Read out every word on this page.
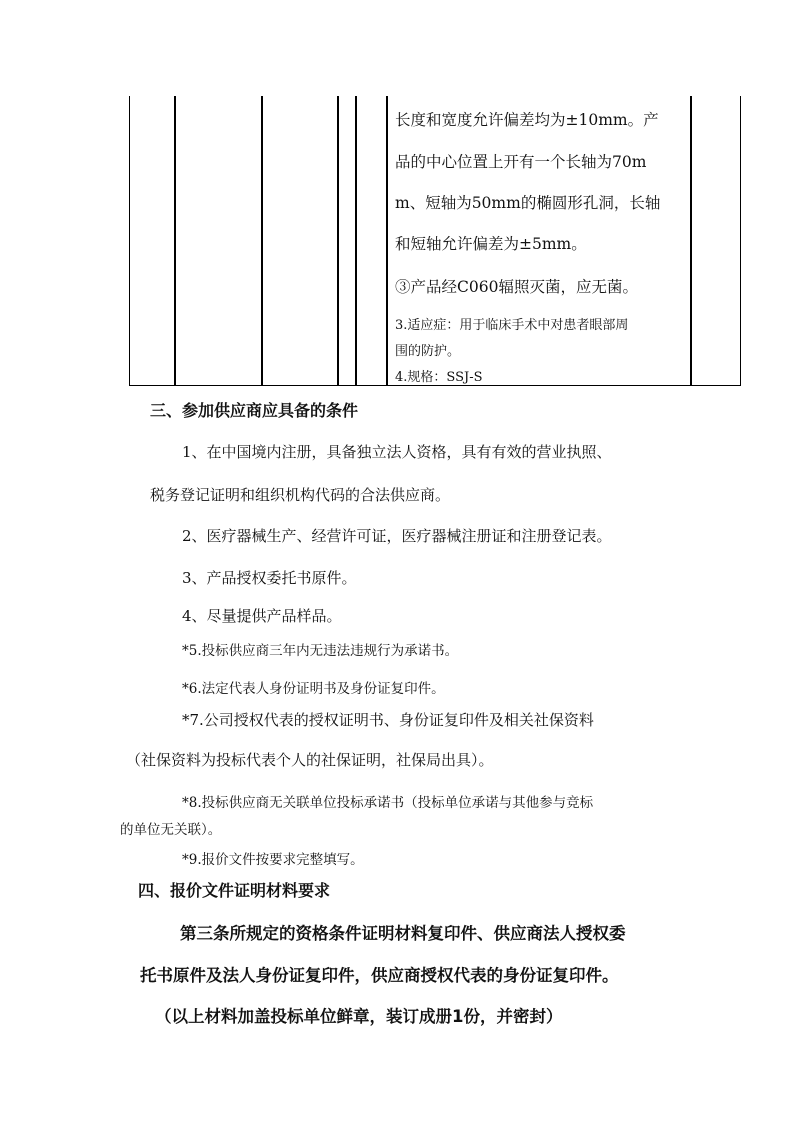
长度和宽度允许偏差均为±10mm。产
品的中心位置上开有一个长轴为70m
m、短轴为50mm的椭圆形孔洞，长轴
和短轴允许偏差为±5mm。
③产品经C060辐照灭菌，应无菌。
3.适应症：用于临床手术中对患者眼部周
围的防护。
4.规格：SSJ-S
三、参加供应商应具备的条件
1、在中国境内注册，具备独立法人资格，具有有效的营业执照、
税务登记证明和组织机构代码的合法供应商。
2、医疗器械生产、经营许可证，医疗器械注册证和注册登记表。
3、产品授权委托书原件。
4、尽量提供产品样品。
*5.投标供应商三年内无违法违规行为承诺书。
*6.法定代表人身份证明书及身份证复印件。
*7.公司授权代表的授权证明书、身份证复印件及相关社保资料
（社保资料为投标代表个人的社保证明，社保局出具）。
*8.投标供应商无关联单位投标承诺书（投标单位承诺与其他参与竞标
的单位无关联）。
*9.报价文件按要求完整填写。
四、报价文件证明材料要求
第三条所规定的资格条件证明材料复印件、供应商法人授权委
托书原件及法人身份证复印件，供应商授权代表的身份证复印件。
（以上材料加盖投标单位鲜章，装订成册1份，并密封）
